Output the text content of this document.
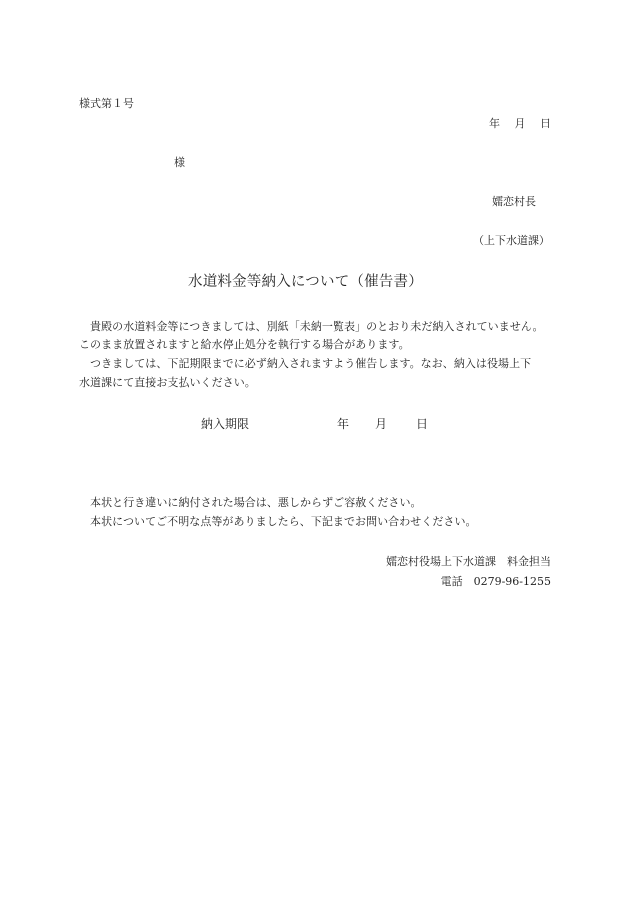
様式第１号
年　 月　 日
様
嬬恋村長
（上下水道課）
水道料金等納入について（催告書）
　貴殿の水道料金等につきましては、別紙「未納一覧表」のとおり未だ納入されていません。
このまま放置されますと給水停止処分を執行する場合があります。
　つきましては、下記期限までに必ず納入されますよう催告します。なお、納入は役場上下
水道課にて直接お支払いください。
納入期限	年 月 日
　本状と行き違いに納付された場合は、悪しからずご容赦ください。
　本状についてご不明な点等がありましたら、下記までお問い合わせください。
嬬恋村役場上下水道課　料金担当
電話　0279-96-1255
